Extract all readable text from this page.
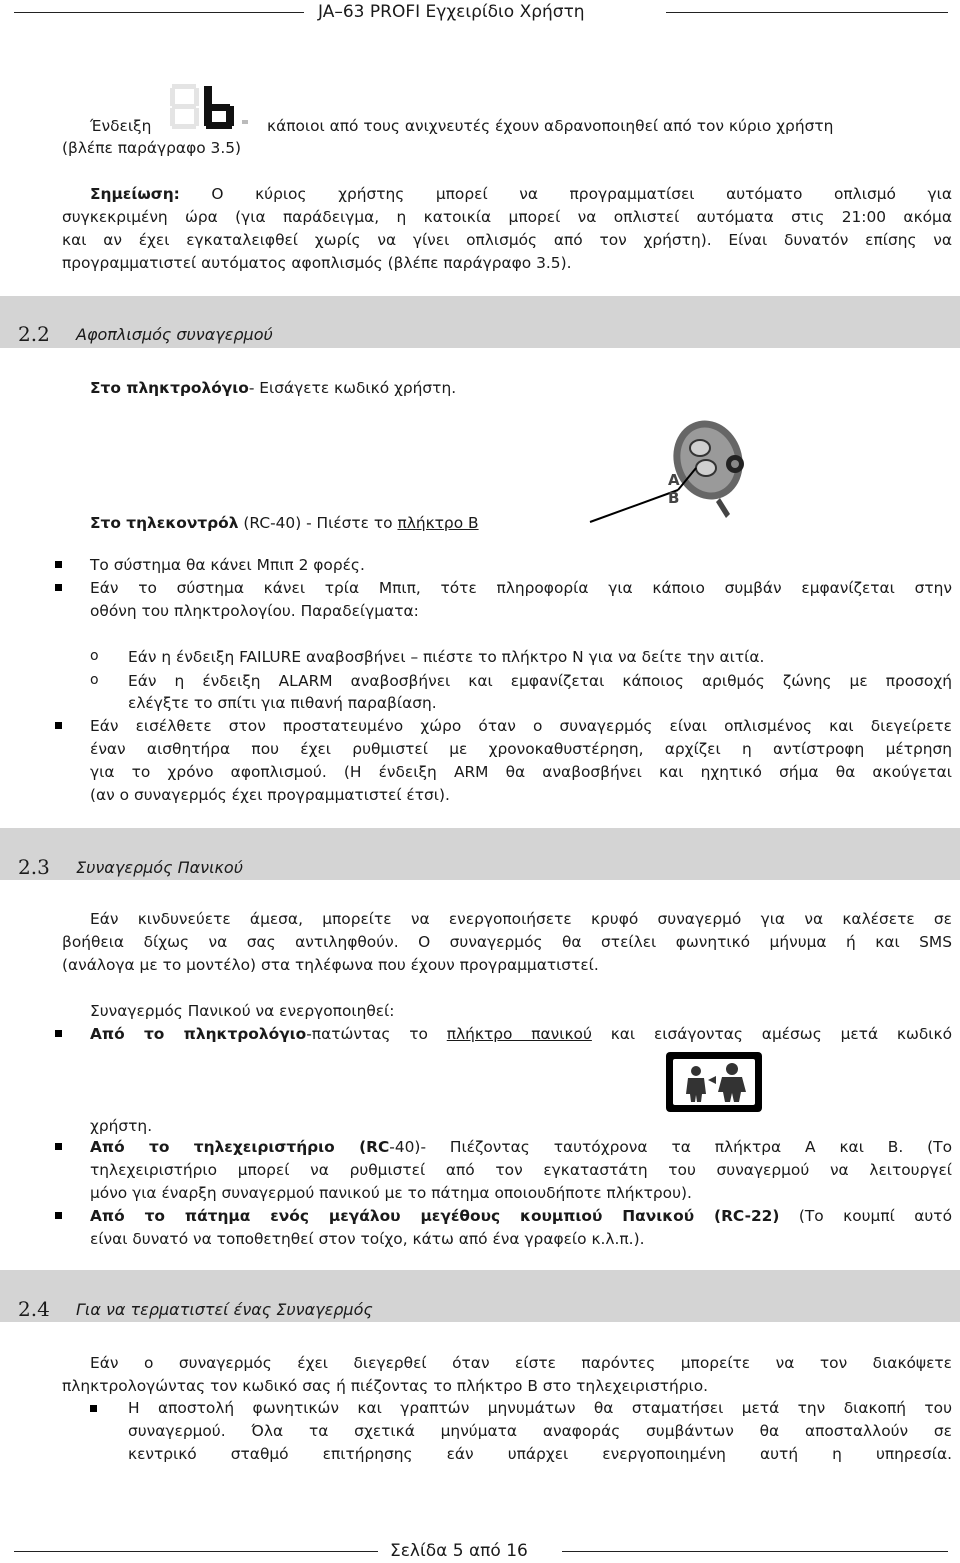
JA–63 PROFI Εγχειρίδιο Χρήστη
Ένδειξη	κάποιοι από τους ανιχνευτές έχουν αδρανοποιηθεί από τον κύριο χρήστη
(βλέπε παράγραφο 3.5)
Σημείωση: Ο κύριος χρήστης μπορεί να προγραμματίσει αυτόματο οπλισμό για
συγκεκριμένη ώρα (για παράδειγμα, η κατοικία μπορεί να οπλιστεί αυτόματα στις 21:00 ακόμα
και αν έχει εγκαταλειφθεί χωρίς να γίνει οπλισμός από τον χρήστη). Είναι δυνατόν επίσης να
προγραμματιστεί αυτόματος αφοπλισμός (βλέπε παράγραφο 3.5).
2.2 Αφοπλισμός συναγερμού
Στο πληκτρολόγιο- Εισάγετε κωδικό χρήστη.
A
B
Στο τηλεκοντρόλ (RC-40) - Πιέστε το πλήκτρο B
Το σύστημα θα κάνει Μπιπ 2 φορές.
Εάν το σύστημα κάνει τρία Μπιπ, τότε πληροφορία για κάποιο συμβάν εμφανίζεται στην
οθόνη του πληκτρολογίου. Παραδείγματα:
o Εάν η ένδειξη FAILURE αναβοσβήνει – πιέστε το πλήκτρο N για να δείτε την αιτία.
o Εάν η ένδειξη ALARM αναβοσβήνει και εμφανίζεται κάποιος αριθμός ζώνης με προσοχή
ελέγξτε το σπίτι για πιθανή παραβίαση.
Εάν εισέλθετε στον προστατευμένο χώρο όταν ο συναγερμός είναι οπλισμένος και διεγείρετε
έναν αισθητήρα που έχει ρυθμιστεί με χρονοκαθυστέρηση, αρχίζει η αντίστροφη μέτρηση
για το χρόνο αφοπλισμού. (Η ένδειξη ARM θα αναβοσβήνει και ηχητικό σήμα θα ακούγεται
(αν ο συναγερμός έχει προγραμματιστεί έτσι).
2.3 Συναγερμός Πανικού
Εάν κινδυνεύετε άμεσα, μπορείτε να ενεργοποιήσετε κρυφό συναγερμό για να καλέσετε σε
βοήθεια δίχως να σας αντιληφθούν. Ο συναγερμός θα στείλει φωνητικό μήνυμα ή και SMS
(ανάλογα με το μοντέλο) στα τηλέφωνα που έχουν προγραμματιστεί.
Συναγερμός Πανικού να ενεργοποιηθεί:
Από το πληκτρολόγιο-πατώντας το πλήκτρο πανικού και εισάγοντας αμέσως μετά κωδικό
χρήστη.
Από το τηλεχειριστήριο (RC-40)- Πιέζοντας ταυτόχρονα τα πλήκτρα A και B. (Το
τηλεχειριστήριο μπορεί να ρυθμιστεί από τον εγκαταστάτη του συναγερμού να λειτουργεί
μόνο για έναρξη συναγερμού πανικού με το πάτημα οποιουδήποτε πλήκτρου).
Από το πάτημα ενός μεγάλου μεγέθους κουμπιού Πανικού (RC-22) (Το κουμπί αυτό
είναι δυνατό να τοποθετηθεί στον τοίχο, κάτω από ένα γραφείο κ.λ.π.).
2.4 Για να τερματιστεί ένας Συναγερμός
Εάν ο συναγερμός έχει διεγερθεί όταν είστε παρόντες μπορείτε να τον διακόψετε
πληκτρολογώντας τον κωδικό σας ή πιέζοντας το πλήκτρο B στο τηλεχειριστήριο.
Η αποστολή φωνητικών και γραπτών μηνυμάτων θα σταματήσει μετά την διακοπή του
συναγερμού. Όλα τα σχετικά μηνύματα αναφοράς συμβάντων θα αποσταλλούν σε
κεντρικό σταθμό επιτήρησης εάν υπάρχει ενεργοποιημένη αυτή η υπηρεσία.
Σελίδα 5 από 16
